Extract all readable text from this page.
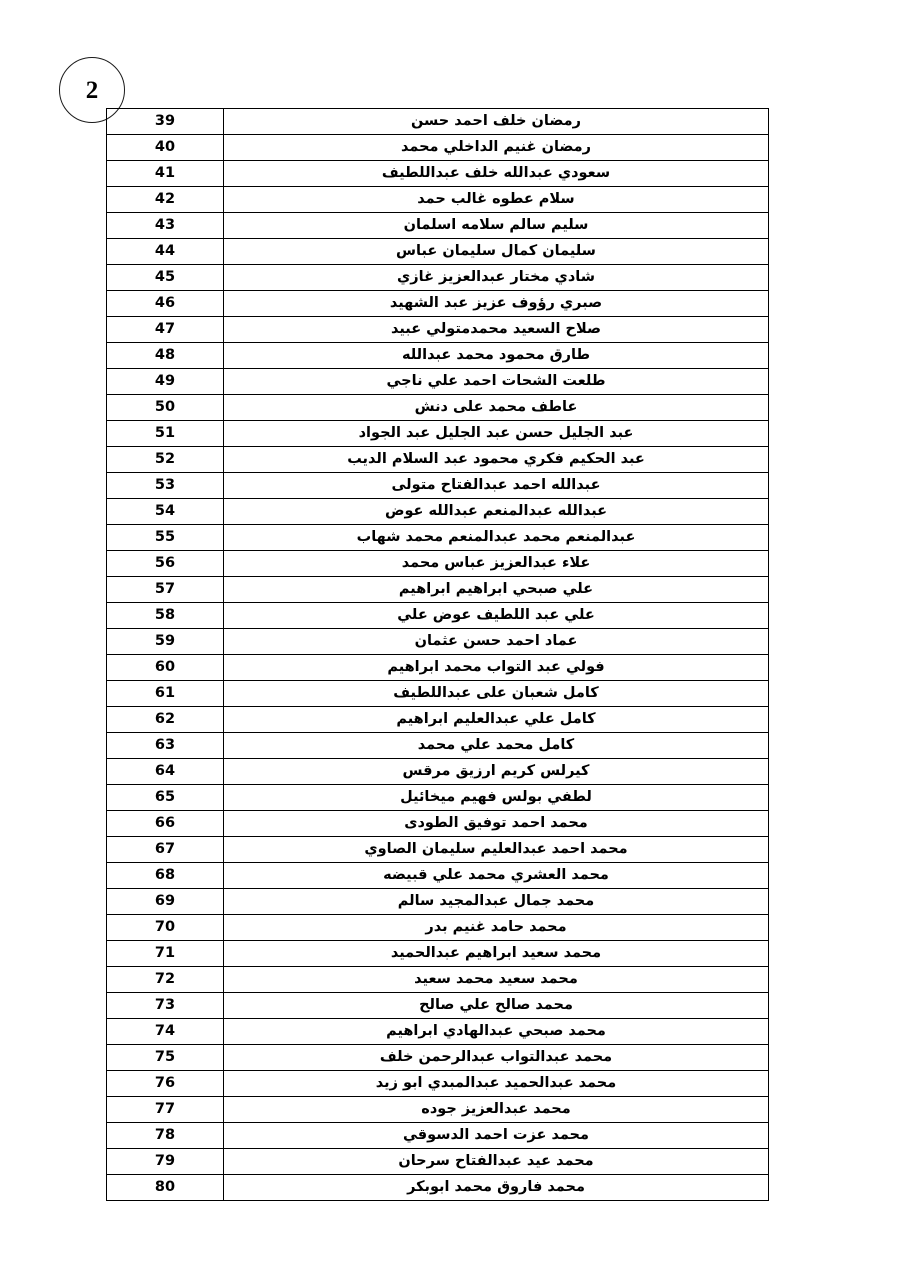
2
رمضان خلف احمد حسن	39
رمضان غنيم الداخلي محمد	40
سعودي عبدالله خلف عبداللطيف	41
سلام عطوه غالب حمد	42
سليم سالم سلامه اسلمان	43
سليمان كمال سليمان عباس	44
شادي مختار عبدالعزيز غازي	45
صبري رؤوف عزيز عبد الشهيد	46
صلاح السعيد محمدمتولي عبيد	47
طارق محمود محمد عبدالله	48
طلعت الشحات احمد علي ناجي	49
عاطف محمد على دنش	50
عبد الجليل حسن عبد الجليل عبد الجواد	51
عبد الحكيم فكري محمود عبد السلام الديب	52
عبدالله احمد عبدالفتاح متولى	53
عبدالله عبدالمنعم عبدالله عوض	54
عبدالمنعم محمد عبدالمنعم محمد شهاب	55
علاء عبدالعزيز عباس محمد	56
علي صبحي ابراهيم ابراهيم	57
علي عبد اللطيف عوض علي	58
عماد احمد حسن عثمان	59
فولي عبد التواب محمد ابراهيم	60
كامل شعبان على عبداللطيف	61
كامل علي عبدالعليم ابراهيم	62
كامل محمد علي محمد	63
كيرلس كريم ارزيق مرقس	64
لطفي بولس فهيم ميخائيل	65
محمد احمد توفيق الطودى	66
محمد احمد عبدالعليم سليمان الصاوي	67
محمد العشري محمد علي قبيضه	68
محمد جمال عبدالمجيد سالم	69
محمد حامد غنيم بدر	70
محمد سعيد ابراهيم عبدالحميد	71
محمد سعيد محمد سعيد	72
محمد صالح علي صالح	73
محمد صبحي عبدالهادي ابراهيم	74
محمد عبدالتواب عبدالرحمن خلف	75
محمد عبدالحميد عبدالمبدي ابو زيد	76
محمد عبدالعزيز جوده	77
محمد عزت احمد الدسوقي	78
محمد عيد عبدالفتاح سرحان	79
محمد فاروق محمد ابوبكر	80
